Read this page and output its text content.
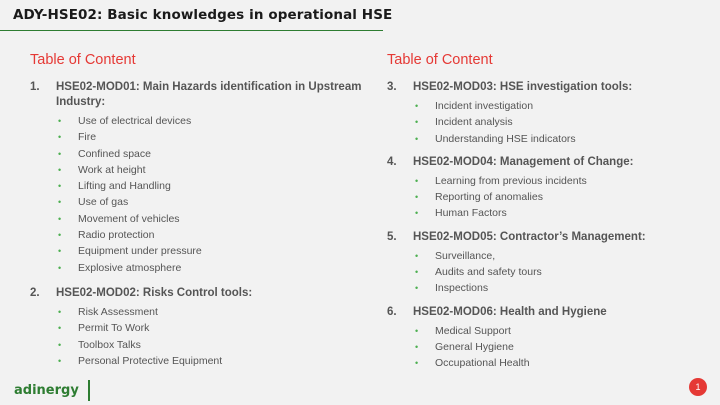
ADY-HSE02: Basic knowledges in operational HSE
Table of Content
1.	HSE02-MOD01: Main Hazards identification in Upstream Industry:
• Use of electrical devices
• Fire
• Confined space
• Work at height
• Lifting and Handling
• Use of gas
• Movement of vehicles
• Radio protection
• Equipment under pressure
• Explosive atmosphere
2.	HSE02-MOD02: Risks Control tools:
• Risk Assessment
• Permit To Work
• Toolbox Talks
• Personal Protective Equipment
Table of Content
3.	HSE02-MOD03: HSE investigation tools:
• Incident investigation
• Incident analysis
• Understanding HSE indicators
4.	HSE02-MOD04: Management of Change:
• Learning from previous incidents
• Reporting of anomalies
• Human Factors
5.	HSE02-MOD05: Contractor’s Management:
• Surveillance,
• Audits and safety tours
• Inspections
6.	HSE02-MOD06: Health and Hygiene
• Medical Support
• General Hygiene
• Occupational Health
adinergy	1
